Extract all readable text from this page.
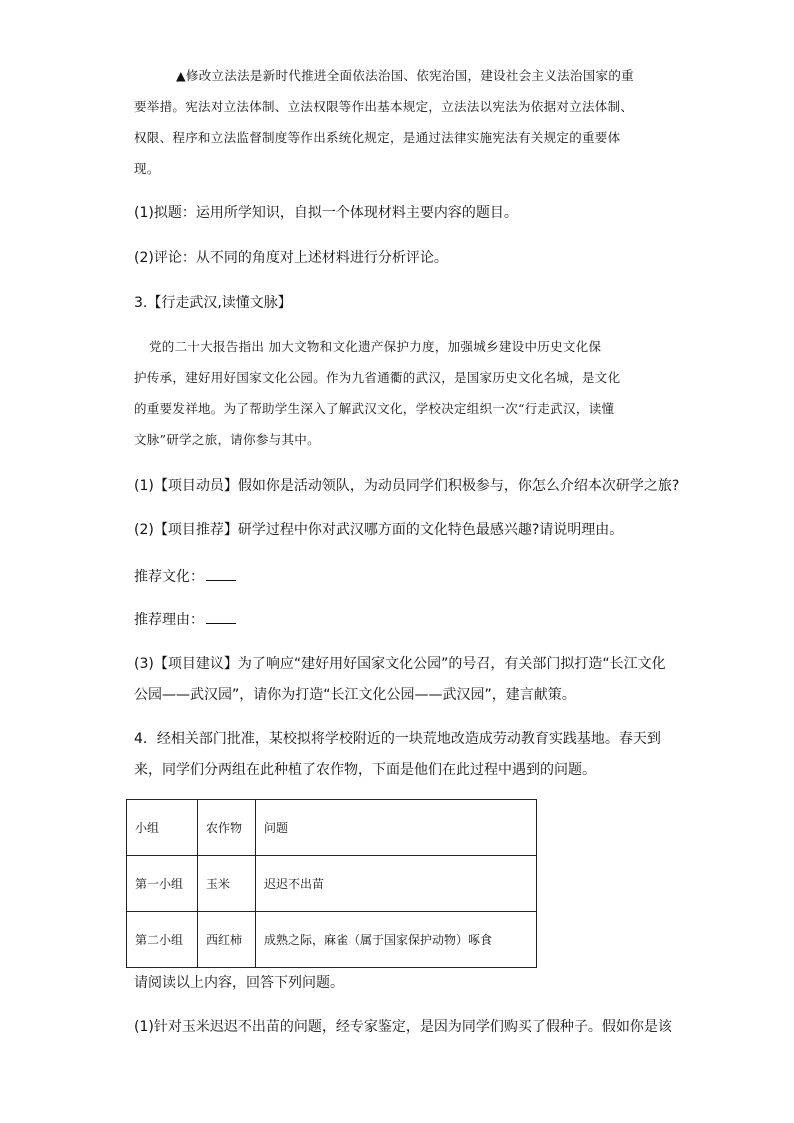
▲修改立法法是新时代推进全面依法治国、依宪治国，建设社会主义法治国家的重
要举措。宪法对立法体制、立法权限等作出基本规定，立法法以宪法为依据对立法体制、
权限、程序和立法监督制度等作出系统化规定，是通过法律实施宪法有关规定的重要体
现。
(1)拟题：运用所学知识，自拟一个体现材料主要内容的题目。
(2)评论：从不同的角度对上述材料进行分析评论。
3.【行走武汉,读懂文脉】
党的二十大报告指出 加大文物和文化遗产保护力度，加强城乡建设中历史文化保
护传承，建好用好国家文化公园。作为九省通衢的武汉，是国家历史文化名城，是文化
的重要发祥地。为了帮助学生深入了解武汉文化，学校决定组织一次“行走武汉，读懂
文脉”研学之旅，请你参与其中。
(1)【项目动员】假如你是活动领队，为动员同学们积极参与，你怎么介绍本次研学之旅?
(2)【项目推荐】研学过程中你对武汉哪方面的文化特色最感兴趣?请说明理由。
推荐文化：
推荐理由：
(3)【项目建议】为了响应“建好用好国家文化公园”的号召，有关部门拟打造“长江文化
公园——武汉园”，请你为打造“长江文化公园——武汉园”，建言献策。
4．经相关部门批准，某校拟将学校附近的一块荒地改造成劳动教育实践基地。春天到
来，同学们分两组在此种植了农作物，下面是他们在此过程中遇到的问题。
小组	农作物	问题
第一小组	玉米	迟迟不出苗
第二小组	西红柿	成熟之际，麻雀（属于国家保护动物）啄食
请阅读以上内容，回答下列问题。
(1)针对玉米迟迟不出苗的问题，经专家鉴定，是因为同学们购买了假种子。假如你是该
